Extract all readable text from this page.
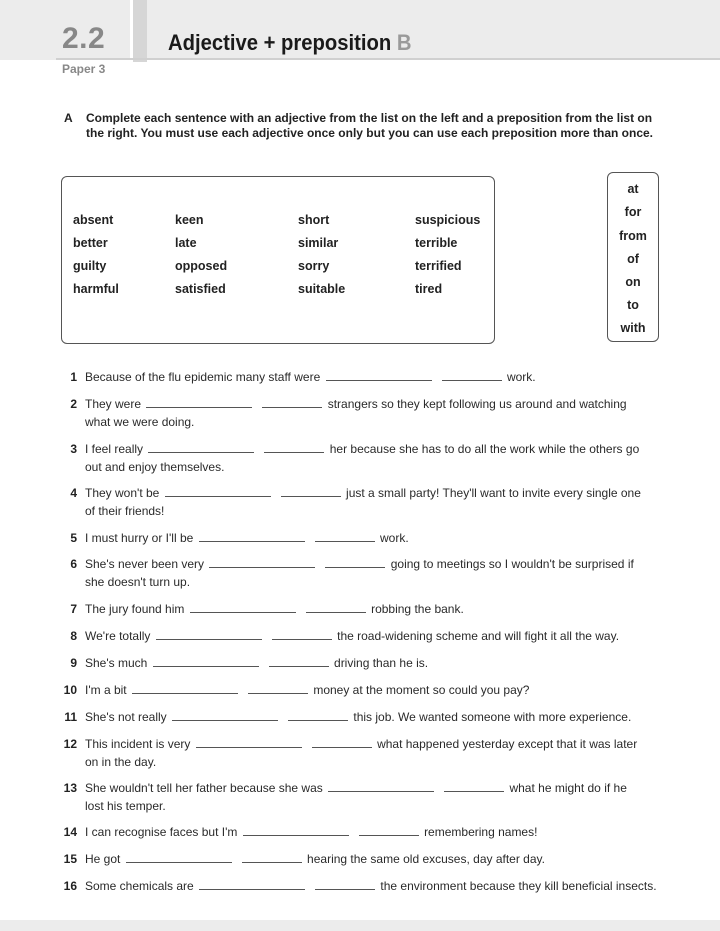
2.2	Adjective + preposition B
Paper 3
A Complete each sentence with an adjective from the list on the left and a preposition from the list on the right. You must use each adjective once only but you can use each preposition more than once.
absent	keen	short	suspicious
better	late	similar	terrible
guilty	opposed	sorry	terrified
harmful	satisfied	suitable	tired
at
for
from
of
on
to
with
1 Because of the flu epidemic many staff were	work.
2 They were	strangers so they kept following us around and watching
what we were doing.
3 I feel really	her because she has to do all the work while the others go
out and enjoy themselves.
4 They won't be	just a small party! They'll want to invite every single one
of their friends!
5 I must hurry or I'll be	work.
6 She's never been very	going to meetings so I wouldn't be surprised if
she doesn't turn up.
7 The jury found him	robbing the bank.
8 We're totally	the road-widening scheme and will fight it all the way.
9 She's much	driving than he is.
10 I'm a bit	money at the moment so could you pay?
11 She's not really	this job. We wanted someone with more experience.
12 This incident is very	what happened yesterday except that it was later
on in the day.
13 She wouldn't tell her father because she was	what he might do if he
lost his temper.
14 I can recognise faces but I'm	remembering names!
15 He got	hearing the same old excuses, day after day.
16 Some chemicals are	the environment because they kill beneficial insects.
